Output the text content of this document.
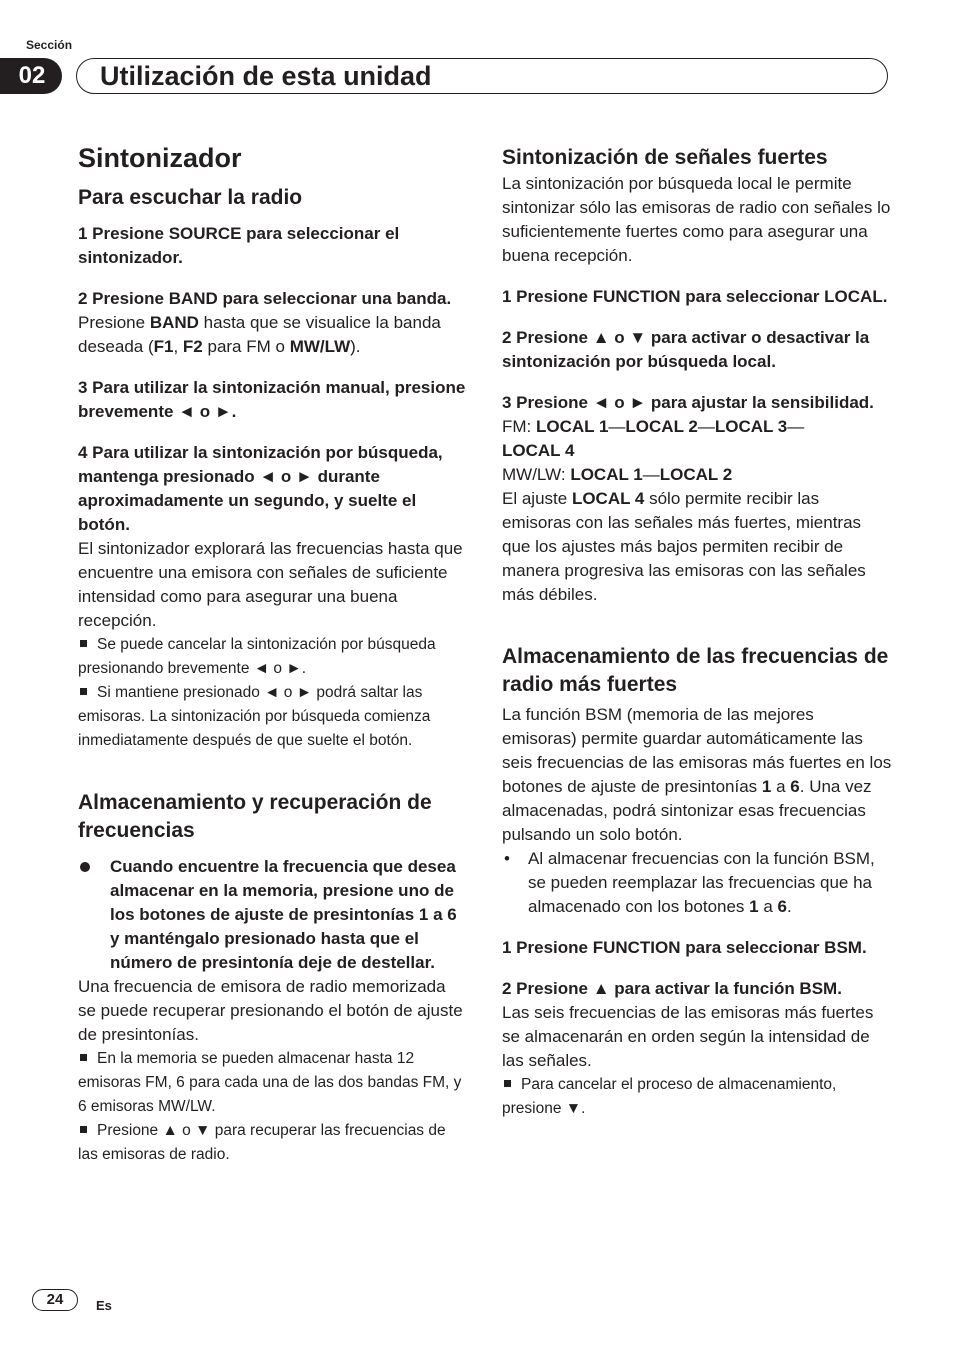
Sección
02	Utilización de esta unidad
Sintonizador
Para escuchar la radio

1 Presione SOURCE para seleccionar el sintonizador.

2 Presione BAND para seleccionar una banda.

Presione BAND hasta que se visualice la banda deseada (F1, F2 para FM o MW/LW).

3 Para utilizar la sintonización manual, presione brevemente ◄ o ►.

4 Para utilizar la sintonización por búsqueda, mantenga presionado ◄ o ► durante aproximadamente un segundo, y suelte el botón.

El sintonizador explorará las frecuencias hasta que encuentre una emisora con señales de suficiente intensidad como para asegurar una buena recepción.

Se puede cancelar la sintonización por búsqueda presionando brevemente ◄ o ►.

Si mantiene presionado ◄ o ► podrá saltar las emisoras. La sintonización por búsqueda comienza inmediatamente después de que suelte el botón.

Almacenamiento y recuperación de frecuencias

Cuando encuentre la frecuencia que desea almacenar en la memoria, presione uno de los botones de ajuste de presintonías 1 a 6 y manténgalo presionado hasta que el número de presintonía deje de destellar.

Una frecuencia de emisora de radio memorizada se puede recuperar presionando el botón de ajuste de presintonías.

En la memoria se pueden almacenar hasta 12 emisoras FM, 6 para cada una de las dos bandas FM, y 6 emisoras MW/LW.

Presione ▲ o ▼ para recuperar las frecuencias de las emisoras de radio.

Sintonización de señales fuertes

La sintonización por búsqueda local le permite sintonizar sólo las emisoras de radio con señales lo suficientemente fuertes como para asegurar una buena recepción.

1 Presione FUNCTION para seleccionar LOCAL.

2 Presione ▲ o ▼ para activar o desactivar la sintonización por búsqueda local.

3 Presione ◄ o ► para ajustar la sensibilidad.

FM: LOCAL 1—LOCAL 2—LOCAL 3—
LOCAL 4

MW/LW: LOCAL 1—LOCAL 2

El ajuste LOCAL 4 sólo permite recibir las emisoras con las señales más fuertes, mientras que los ajustes más bajos permiten recibir de manera progresiva las emisoras con las señales más débiles.

Almacenamiento de las frecuencias de radio más fuertes

La función BSM (memoria de las mejores emisoras) permite guardar automáticamente las seis frecuencias de las emisoras más fuertes en los botones de ajuste de presintonías 1 a 6. Una vez almacenadas, podrá sintonizar esas frecuencias pulsando un solo botón.

• Al almacenar frecuencias con la función BSM, se pueden reemplazar las frecuencias que ha almacenado con los botones 1 a 6.

1 Presione FUNCTION para seleccionar BSM.

2 Presione ▲ para activar la función BSM.

Las seis frecuencias de las emisoras más fuertes se almacenarán en orden según la intensidad de las señales.

Para cancelar el proceso de almacenamiento, presione ▼.

24	Es
